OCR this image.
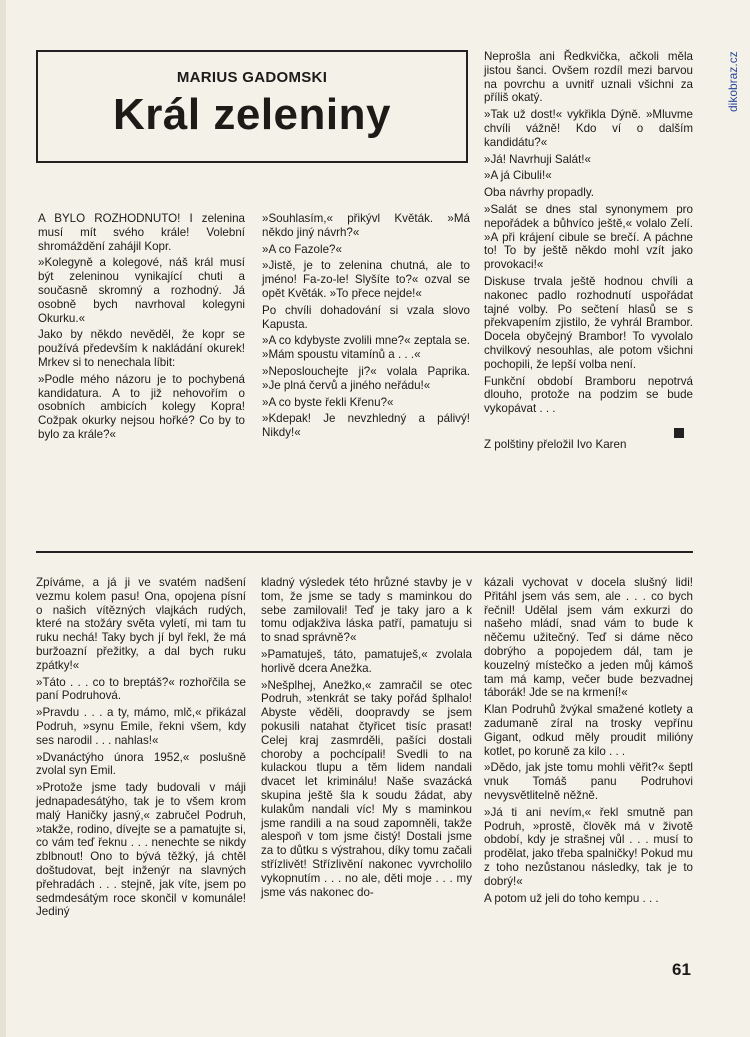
dikobraz.cz
MARIUS GADOMSKI
Král zeleniny

A BYLO ROZHODNUTO! I zelenina musí mít svého krále! Volební shromáždění zahájil Kopr.

»Kolegyně a kolegové, náš král musí být zeleninou vynikající chuti a současně skromný a rozhodný. Já osobně bych navrhoval kolegyni Okurku.«

Jako by někdo nevěděl, že kopr se používá především k nakládání okurek! Mrkev si to nenechala líbit:

»Podle mého názoru je to pochybená kandidatura. A to již nehovořím o osobních ambicích kolegy Kopra! Cožpak okurky nejsou hořké? Co by to bylo za krále?«

»Souhlasím,« přikývl Květák. »Má někdo jiný návrh?«

»A co Fazole?«

»Jistě, je to zelenina chutná, ale to jméno! Fa-zo-le! Slyšíte to?« ozval se opět Květák. »To přece nejde!«

Po chvíli dohadování si vzala slovo Kapusta.

»A co kdybyste zvolili mne?« zeptala se. »Mám spoustu vitamínů a . . .«

»Neposlouchejte ji?« volala Paprika. »Je plná červů a jiného neřádu!«

»A co byste řekli Křenu?«

»Kdepak! Je nevzhledný a pálivý! Nikdy!«

Neprošla ani Ředkvička, ačkoli měla jistou šanci. Ovšem rozdíl mezi barvou na povrchu a uvnitř uznali všichni za příliš okatý.

»Tak už dost!« vykřikla Dýně. »Mluvme chvíli vážně! Kdo ví o dalším kandidátu?«

»Já! Navrhuji Salát!«

»A já Cibuli!«

Oba návrhy propadly.

»Salát se dnes stal synonymem pro nepořádek a bůhvíco ještě,« volalo Zelí. »A při krájení cibule se brečí. A páchne to! To by ještě někdo mohl vzít jako provokaci!«

Diskuse trvala ještě hodnou chvíli a nakonec padlo rozhodnutí uspořádat tajné volby. Po sečtení hlasů se s překvapením zjistilo, že vyhrál Brambor. Docela obyčejný Brambor! To vyvolalo chvilkový nesouhlas, ale potom všichni pochopili, že lepší volba není.

Funkční období Bramboru nepotrvá dlouho, protože na podzim se bude vykopávat . . .

Z polštiny přeložil Ivo Karen

Zpíváme, a já ji ve svatém nadšení vezmu kolem pasu! Ona, opojena písní o našich vítězných vlajkách rudých, které na stožáry světa vyletí, mi tam tu ruku nechá! Taky bych jí byl řekl, že má buržoazní přežitky, a dal bych ruku zpátky!«

»Táto . . . co to breptáš?« rozhořčila se paní Podruhová.

»Pravdu . . . a ty, mámo, mlč,« přikázal Podruh, »synu Emile, řekni všem, kdy ses narodil . . . nahlas!«

»Dvanáctýho února 1952,« poslušně zvolal syn Emil.

»Protože jsme tady budovali v máji jednapadesátýho, tak je to všem krom malý Haničky jasný,« zabručel Podruh, »takže, rodino, dívejte se a pamatujte si, co vám teď řeknu . . . nenechte se nikdy zblbnout! Ono to bývá těžký, já chtěl doštudovat, bejt inženýr na slavných přehradách . . . stejně, jak víte, jsem po sedmdesátým roce skončil v komunále! Jediný

kladný výsledek této hrůzné stavby je v tom, že jsme se tady s maminkou do sebe zamilovali! Teď je taky jaro a k tomu odjakživa láska patří, pamatuju si to snad správně?«

»Pamatuješ, táto, pamatuješ,« zvolala horlivě dcera Anežka.

»Nešplhej, Anežko,« zamračil se otec Podruh, »tenkrát se taky pořád šplhalo! Abyste věděli, doopravdy se jsem pokusili natahat čtyřicet tisíc prasat! Celej kraj zasmrděli, pašíci dostali choroby a pochcípali! Svedli to na kulackou tlupu a těm lidem nandali dvacet let kriminálu! Naše svazácká skupina ještě šla k soudu žádat, aby kulakům nandali víc! My s maminkou jsme randili a na soud zapomněli, takže alespoň v tom jsme čistý! Dostali jsme za to důtku s výstrahou, díky tomu začali střízlivět! Střízlivění nakonec vyvrcholilo vykopnutím . . . no ale, děti moje . . . my jsme vás nakonec do-

kázali vychovat v docela slušný lidi! Přitáhl jsem vás sem, ale . . . co bych řečnil! Udělal jsem vám exkurzi do našeho mládí, snad vám to bude k něčemu užitečný. Teď si dáme něco dobrýho a popojedem dál, tam je kouzelný místečko a jeden můj kámoš tam má kamp, večer bude bezvadnej táborák! Jde se na krmení!«

Klan Podruhů žvýkal smažené kotlety a zadumaně zíral na trosky vepřínu Gigant, odkud měly proudit milióny kotlet, po koruně za kilo . . .

»Dědo, jak jste tomu mohli věřit?« šeptl vnuk Tomáš panu Podruhovi nevysvětlitelně něžně.

»Já ti ani nevím,« řekl smutně pan Podruh, »prostě, člověk má v životě období, kdy je strašnej vůl . . . musí to prodělat, jako třeba spalničky! Pokud mu z toho nezůstanou následky, tak je to dobrý!«

A potom už jeli do toho kempu . . .

61
